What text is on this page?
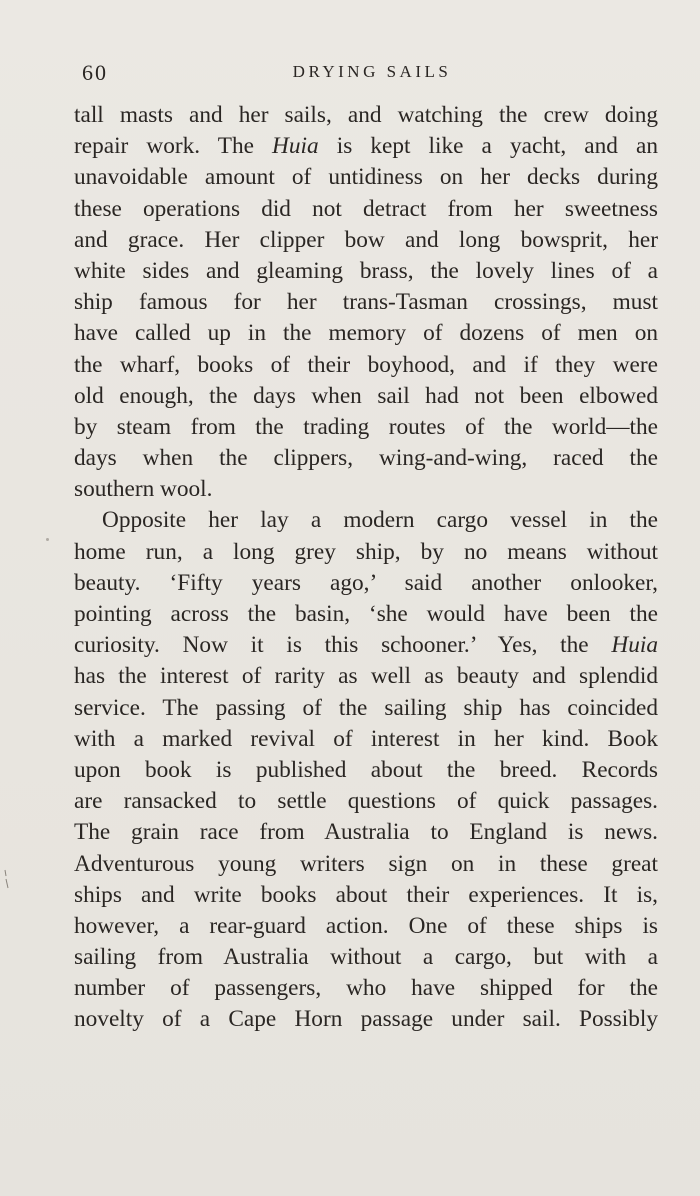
60	DRYING SAILS
tall masts and her sails, and watching the crew doing
repair work. The Huia is kept like a yacht, and an
unavoidable amount of untidiness on her decks during
these operations did not detract from her sweetness
and grace. Her clipper bow and long bowsprit, her
white sides and gleaming brass, the lovely lines of a
ship famous for her trans-Tasman crossings, must
have called up in the memory of dozens of men on
the wharf, books of their boyhood, and if they were
old enough, the days when sail had not been elbowed
by steam from the trading routes of the world—the
days when the clippers, wing-and-wing, raced the
southern wool.
Opposite her lay a modern cargo vessel in the
home run, a long grey ship, by no means without
beauty. ‘Fifty years ago,’ said another onlooker,
pointing across the basin, ‘she would have been the
curiosity. Now it is this schooner.’ Yes, the Huia
has the interest of rarity as well as beauty and splendid
service. The passing of the sailing ship has coincided
with a marked revival of interest in her kind. Book
upon book is published about the breed. Records
are ransacked to settle questions of quick passages.
The grain race from Australia to England is news.
Adventurous young writers sign on in these great
ships and write books about their experiences. It is,
however, a rear-guard action. One of these ships is
sailing from Australia without a cargo, but with a
number of passengers, who have shipped for the
novelty of a Cape Horn passage under sail. Possibly
